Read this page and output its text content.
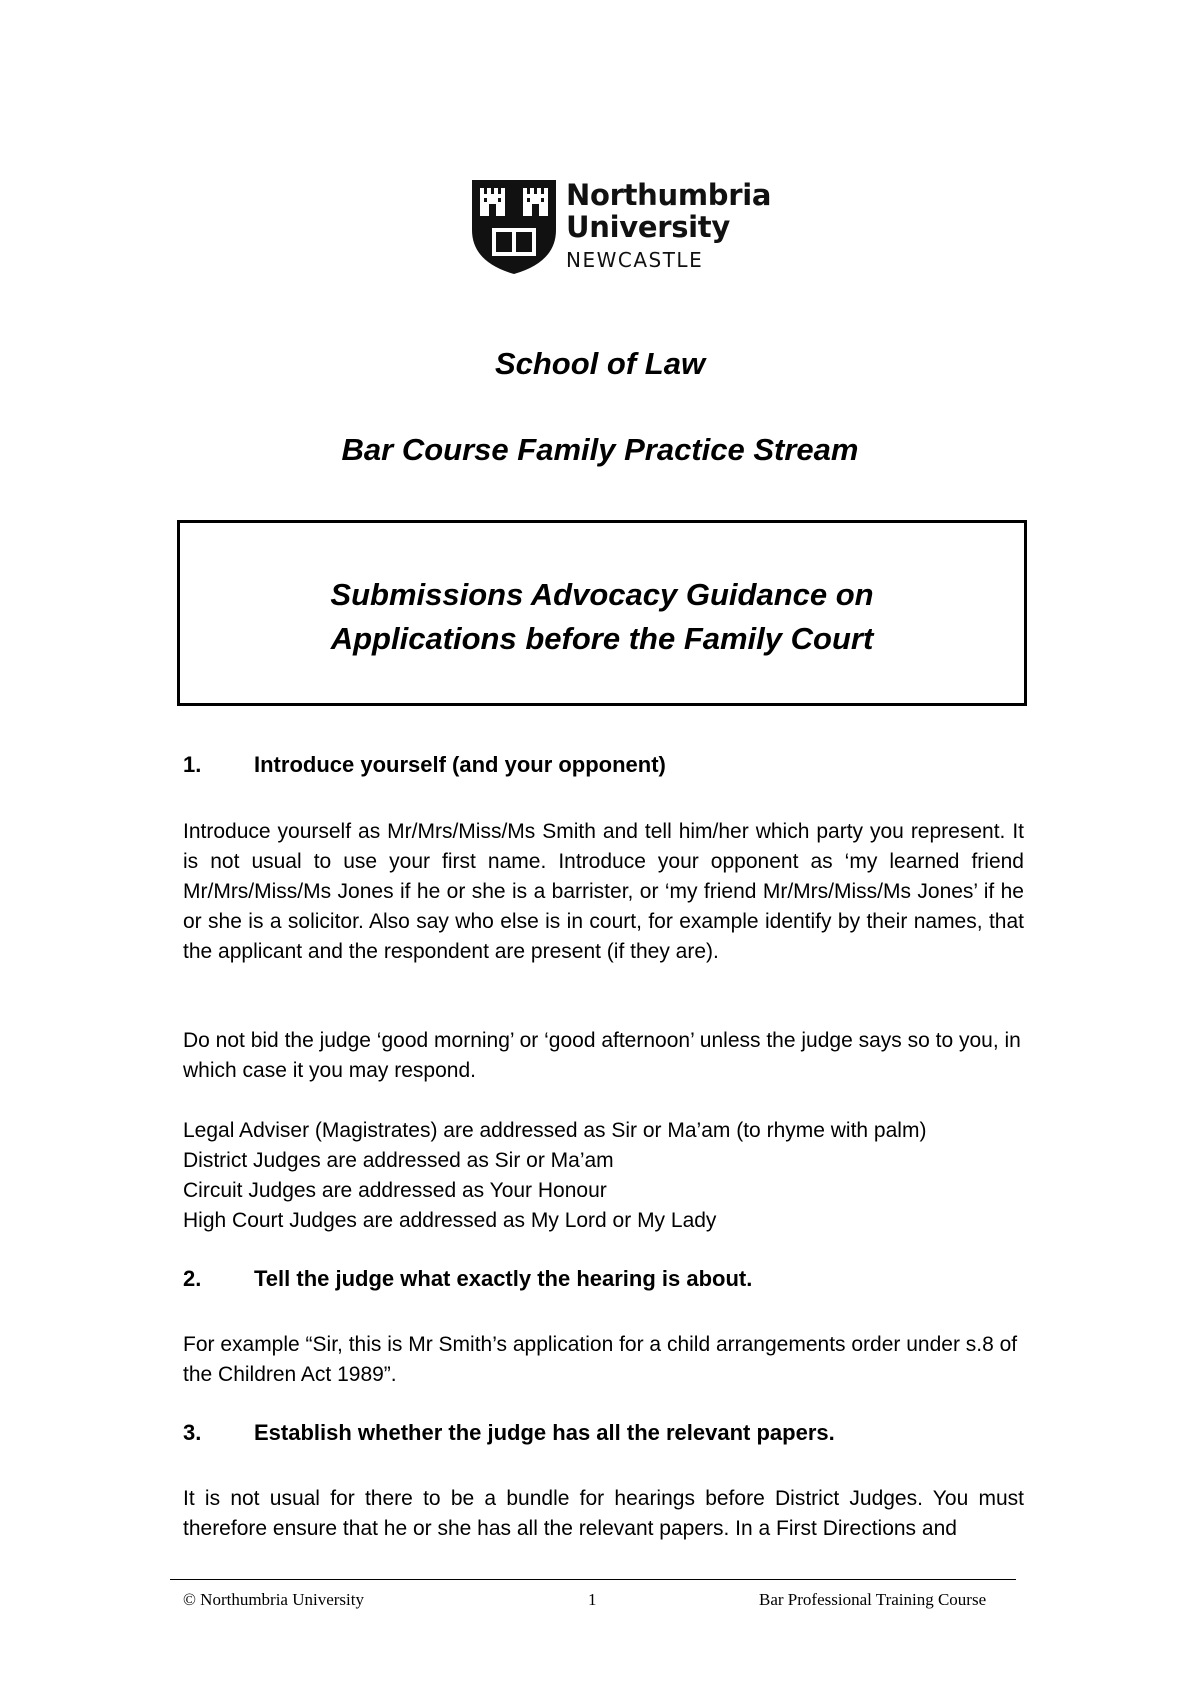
Northumbria
University
NEWCASTLE
School of Law
Bar Course Family Practice Stream
Submissions Advocacy Guidance on
Applications before the Family Court
1. Introduce yourself (and your opponent)
Introduce yourself as Mr/Mrs/Miss/Ms Smith and tell him/her which party you represent. It is not usual to use your first name. Introduce your opponent as ‘my learned friend Mr/Mrs/Miss/Ms Jones if he or she is a barrister, or ‘my friend Mr/Mrs/Miss/Ms Jones’ if he or she is a solicitor. Also say who else is in court, for example identify by their names, that the applicant and the respondent are present (if they are).
Do not bid the judge ‘good morning’ or ‘good afternoon’ unless the judge says so to you, in which case it you may respond.
Legal Adviser (Magistrates) are addressed as Sir or Ma’am (to rhyme with palm)
District Judges are addressed as Sir or Ma’am
Circuit Judges are addressed as Your Honour
High Court Judges are addressed as My Lord or My Lady
2. Tell the judge what exactly the hearing is about.
For example “Sir, this is Mr Smith’s application for a child arrangements order under s.8 of the Children Act 1989”.
3. Establish whether the judge has all the relevant papers.
It is not usual for there to be a bundle for hearings before District Judges. You must therefore ensure that he or she has all the relevant papers. In a First Directions and
© Northumbria University	1	Bar Professional Training Course
